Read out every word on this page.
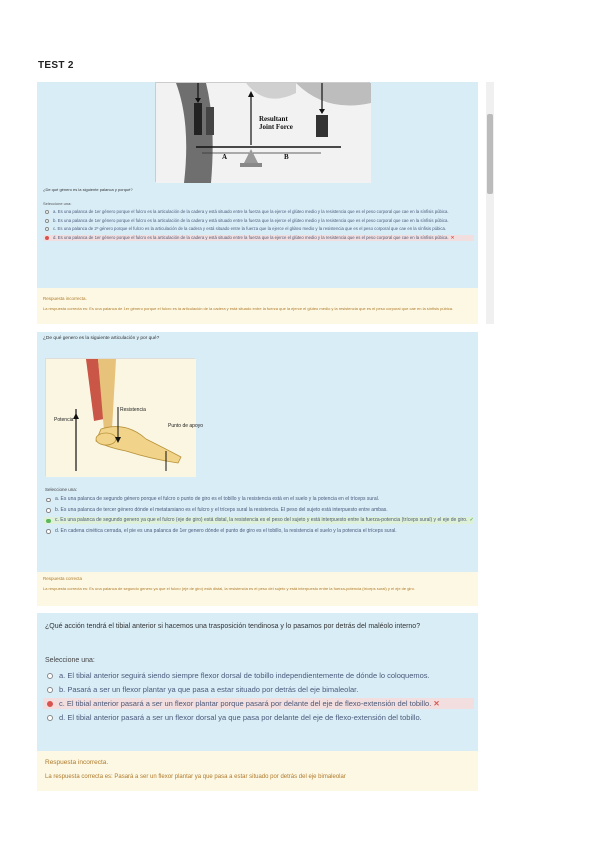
TEST 2
Resultant
Joint Force
A	B
¿De qué género es la siguiente palanca y porqué?
Seleccione una:
a. Es una palanca de 1er género porque el fulcro es la articulación de la cadera y está situado entre la fuerza que la ejerce el glúteo medio y la resistencia que es el peso corporal que cae en la sínfisis púbica.
b. Es una palanca de 1er género porque el fulcro es la articulación de la cadera y está situado entre la fuerza que la ejerce el glúteo medio y la resistencia que es el peso corporal que cae en la sínfisis púbica.
c. Es una palanca de 2º género porque el fulcro es la articulación de la cadera y está situado entre la fuerza que la ejerce el glúteo medio y la resistencia que es el peso corporal que cae en la sínfisis púbica.
d. Es una palanca de 1er género porque el fulcro es la articulación de la cadera y está situado entre la fuerza que la ejerce el glúteo medio y la resistencia que es el peso corporal que cae en la sínfisis púbica. ✕
Respuesta incorrecta.
La respuesta correcta es: Es una palanca de 1er género porque el fulcro es la articulación de la cadera y está situado entre la fuerza que la ejerce el glúteo medio y la resistencia que es el peso corporal que cae en la sínfisis púbica.
¿De qué genero es la siguiente articulación y por qué?
Potencia
Resistencia
Punto de apoyo
Seleccione una:
a. Es una palanca de segundo género porque el fulcro o punto de giro es el tobillo y la resistencia está en el suelo y la potencia en el tríceps sural.
b. Es una palanca de tercer género dónde el metatarsiano es el fulcro y el tríceps sural la resistencia. El peso del sujeto está interpuesto entre ambas.
c. Es una palanca de segundo genero ya que el fulcro (eje de giro) está distal, la resistencia es el peso del sujeto y está interpuesto entre la fuerza-potencia (tríceps sural) y el eje de giro. ✓
d. En cadena cinética cerrada, el pie es una palanca de 1er genero dónde el punto de giro es el tobillo, la resistencia el suelo y la potencia el tríceps sural.
Respuesta correcta
La respuesta correcta es: Es una palanca de segundo genero ya que el fulcro (eje de giro) está distal, la resistencia es el peso del sujeto y está interpuesto entre la fuerza-potencia (tríceps sural) y el eje de giro.
¿Qué acción tendrá el tibial anterior si hacemos una trasposición tendinosa y lo pasamos por detrás del maléolo interno?
Seleccione una:
a. El tibial anterior seguirá siendo siempre flexor dorsal de tobillo independientemente de dónde lo coloquemos.
b. Pasará a ser un flexor plantar ya que pasa a estar situado por detrás del eje bimaleolar.
c. El tibial anterior pasará a ser un flexor plantar porque pasará por delante del eje de flexo-extensión del tobillo. ✕
d. El tibial anterior pasará a ser un flexor dorsal ya que pasa por delante del eje de flexo-extensión del tobillo.
Respuesta incorrecta.
La respuesta correcta es: Pasará a ser un flexor plantar ya que pasa a estar situado por detrás del eje bimaleolar
